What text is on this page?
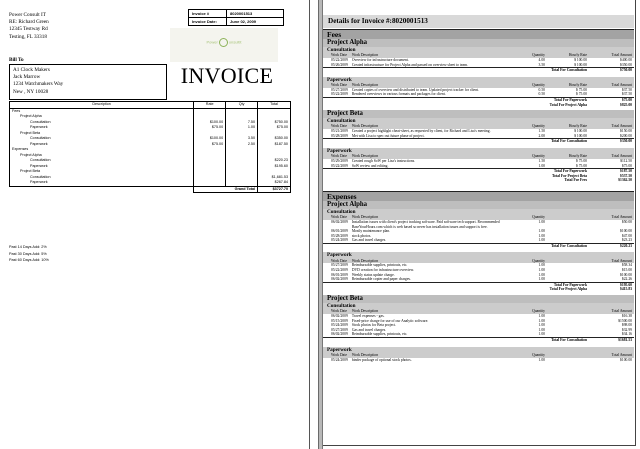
Power Consult IT
RE: Richard Green
12345 Testway Rd
Testing, FL 33318
Invoice #	8020001513
Invoice Date:	June 02, 2009
Power	onsultit
INVOICE
Bill To
A1 Clock Makers
Jack Marrow
1234 Watchmakers Way
New , NY 10028
Description	Rate	Qty	Total
Fees			
Project Alpha			
Consultation	$100.00	7.50	$750.00
Paperwork	$75.00	1.00	$75.00
Project Beta			
Consultation	$100.00	3.50	$350.00
Paperwork	$75.00	2.50	$187.50
Expenses			
Project Alpha			
Consultation			$220.23
Paperwork			$195.60
Project Beta			
Consultation			$1,681.53
Paperwork			$267.84
	Grand Total		$3727.70
Past 14 Days Add: 2%
Past 30 Days Add: 5%
Past 60 Days Add: 10%
Details for Invoice #:8020001513
Fees
Project Alpha
Consultation
Work Date	Work Description	Quantity	Hourly Rate	Total Amount
05/22/2009	Overview for infrastructure document.	4.00	$ 100.00	$400.00
05/26/2009	Created infrastructure for Project Alpha and passed on overview sheet to team.	3.50	$ 100.00	$350.00
Total For Consultation				$750.00
Paperwork
Work Date	Work Description	Quantity	Hourly Rate	Total Amount
05/27/2009	Created copies of overview and distributed to team. Updated project tracker for client.	0.50	$ 75.00	$37.50
05/22/2009	Rendered overviews in various formats and packages for client.	0.50	$ 75.00	$37.50
Total For Paperwork				$75.00
Total For Project Alpha				$825.00
Project Beta
Consultation
Work Date	Work Description	Quantity	Hourly Rate	Total Amount
05/21/2009	Created a project highlight cheat-sheet, as requested by client, for Richard and Lisa's meeting.	1.50	$ 100.00	$150.00
05/28/2009	Met with Lisa to spec out future phase of project.	2.00	$ 100.00	$200.00
Total For Consultation				$350.00
Paperwork
Work Date	Work Description	Quantity	Hourly Rate	Total Amount
05/29/2009	Created rough SoW per Lisa's instructions.	1.50	$ 75.00	$112.50
05/22/2009	SoW review and editing.	1.00	$ 75.00	$75.00
Total For Paperwork				$187.50
Total For Project Beta				$537.50
Total For Fees				$1362.50
Expenses
Project Alpha
Consultation
Work Date	Work Description	Quantity		Total Amount
06/02/2009	Installation issues with client's project tracking software. Paid software tech support. Recommended BaseYourHours.com which is web based so never has installation issues and support is free.	1.00		$50.00
06/01/2009	Mostly maintenance plan.	1.00		$100.00
05/28/2009	stock photos.	1.00		$47.00
05/24/2009	Gas and travel charges.	1.00		$23.23
Total For Consultation				$220.23
Paperwork
Work Date	Work Description	Quantity		Total Amount
05/27/2009	Reimbursable supplies, printouts, etc.	1.00		$58.34
05/22/2009	DVD creation for infrastructure overview.	1.00		$15.00
06/01/2009	Weekly status update charge.	1.00		$100.00
06/02/2009	Reimbursable copier and paper charges.	1.00		$22.26
Total For Paperwork				$195.60
Total For Project Alpha				$415.83
Project Beta
Consultation
Work Date	Work Description	Quantity		Total Amount
06/02/2009	Travel expenses - gas.	1.00		$16.38
05/15/2009	Fixed-price charge for use of our Analytic software.	1.00		$1500.00
05/24/2009	Stock photos for Beta project.	1.00		$98.00
05/27/2009	Gas and travel charges.	1.00		$32.99
06/02/2009	Reimbursable supplies, printouts, etc.	1.00		$34.16
Total For Consultation				$1681.53
Paperwork
Work Date	Work Description	Quantity		Total Amount
05/24/2009	binder package of optional stock photos.	1.00		$100.00
